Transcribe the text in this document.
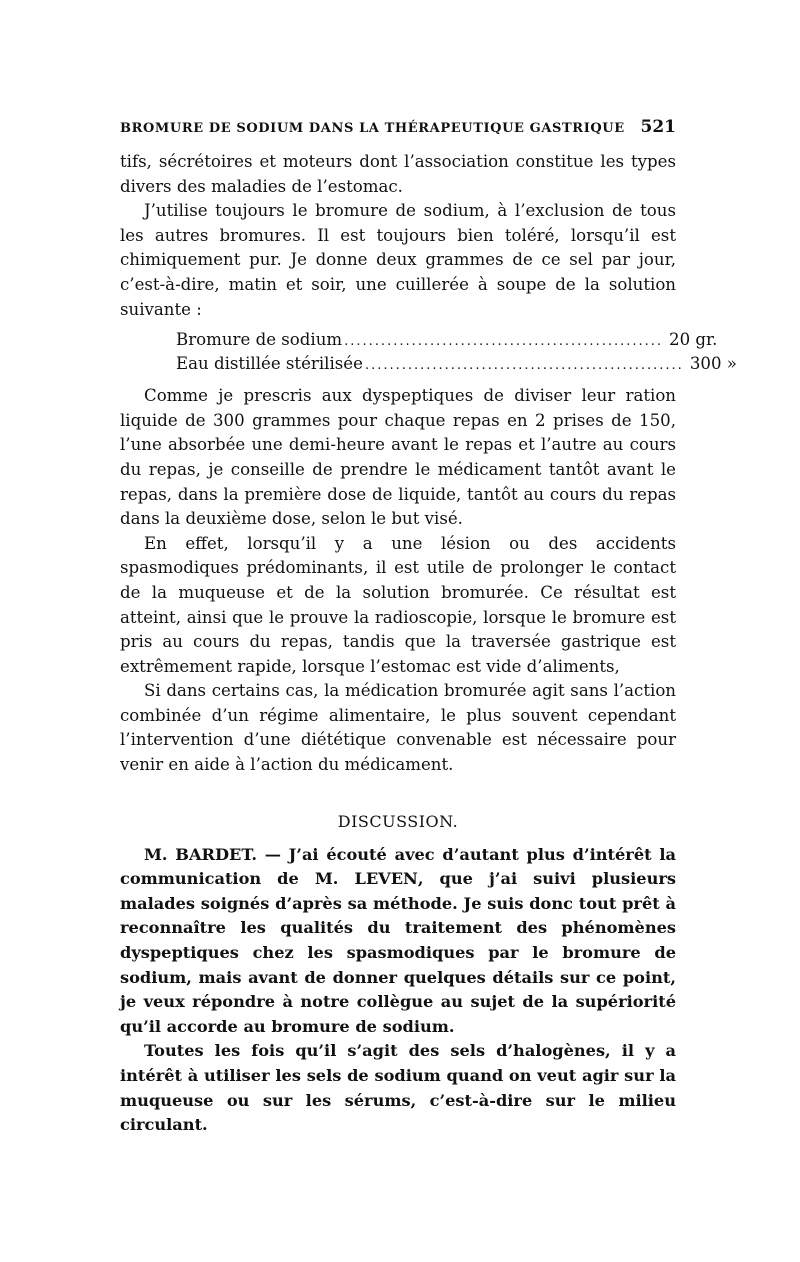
BROMURE DE SODIUM DANS LA THÉRAPEUTIQUE GASTRIQUE 521

tifs, sécrétoires et moteurs dont l’association constitue les types divers des maladies de l’estomac.

J’utilise toujours le bromure de sodium, à l’exclusion de tous les autres bromures. Il est toujours bien toléré, lorsqu’il est chimiquement pur. Je donne deux grammes de ce sel par jour, c’est-à-dire, matin et soir, une cuillerée à soupe de la solution suivante :

Bromure de sodium .................................................... 20 gr.
Eau distillée stérilisée .................................................... 300 »

Comme je prescris aux dyspeptiques de diviser leur ration liquide de 300 grammes pour chaque repas en 2 prises de 150, l’une absorbée une demi-heure avant le repas et l’autre au cours du repas, je conseille de prendre le médicament tantôt avant le repas, dans la première dose de liquide, tantôt au cours du repas dans la deuxième dose, selon le but visé.

En effet, lorsqu’il y a une lésion ou des accidents spasmodiques prédominants, il est utile de prolonger le contact de la muqueuse et de la solution bromurée. Ce résultat est atteint, ainsi que le prouve la radioscopie, lorsque le bromure est pris au cours du repas, tandis que la traversée gastrique est extrêmement rapide, lorsque l’estomac est vide d’aliments,

Si dans certains cas, la médication bromurée agit sans l’action combinée d’un régime alimentaire, le plus souvent cependant l’intervention d’une diététique convenable est nécessaire pour venir en aide à l’action du médicament.

DISCUSSION.

M. BARDET. — J’ai écouté avec d’autant plus d’intérêt la communication de M. LEVEN, que j’ai suivi plusieurs malades soignés d’après sa méthode. Je suis donc tout prêt à reconnaître les qualités du traitement des phénomènes dyspeptiques chez les spasmodiques par le bromure de sodium, mais avant de donner quelques détails sur ce point, je veux répondre à notre collègue au sujet de la supériorité qu’il accorde au bromure de sodium.

Toutes les fois qu’il s’agit des sels d’halogènes, il y a intérêt à utiliser les sels de sodium quand on veut agir sur la muqueuse ou sur les sérums, c’est-à-dire sur le milieu circulant.
